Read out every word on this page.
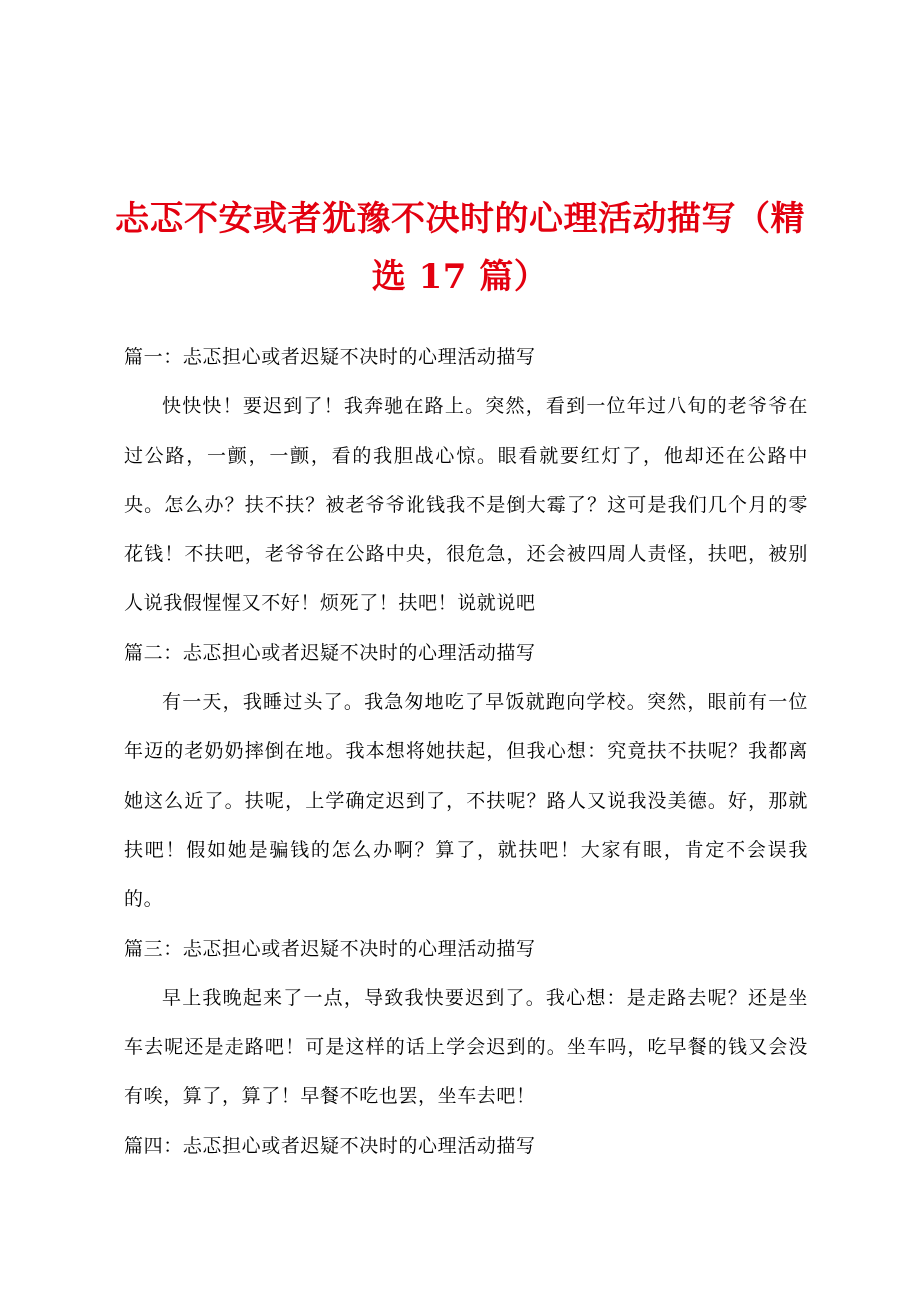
忐忑不安或者犹豫不决时的心理活动描写（精选 17 篇）

篇一：忐忑担心或者迟疑不决时的心理活动描写

快快快！要迟到了！我奔驰在路上。突然，看到一位年过八旬的老爷爷在过公路，一颤，一颤，看的我胆战心惊。眼看就要红灯了，他却还在公路中央。怎么办？扶不扶？被老爷爷讹钱我不是倒大霉了？这可是我们几个月的零花钱！不扶吧，老爷爷在公路中央，很危急，还会被四周人责怪，扶吧，被别人说我假惺惺又不好！烦死了！扶吧！说就说吧

篇二：忐忑担心或者迟疑不决时的心理活动描写

有一天，我睡过头了。我急匆地吃了早饭就跑向学校。突然，眼前有一位年迈的老奶奶摔倒在地。我本想将她扶起，但我心想：究竟扶不扶呢？我都离她这么近了。扶呢，上学确定迟到了，不扶呢？路人又说我没美德。好，那就扶吧！假如她是骗钱的怎么办啊？算了，就扶吧！大家有眼，肯定不会误我的。

篇三：忐忑担心或者迟疑不决时的心理活动描写

早上我晚起来了一点，导致我快要迟到了。我心想：是走路去呢？还是坐车去呢还是走路吧！可是这样的话上学会迟到的。坐车吗，吃早餐的钱又会没有唉，算了，算了！早餐不吃也罢，坐车去吧！

篇四：忐忑担心或者迟疑不决时的心理活动描写
